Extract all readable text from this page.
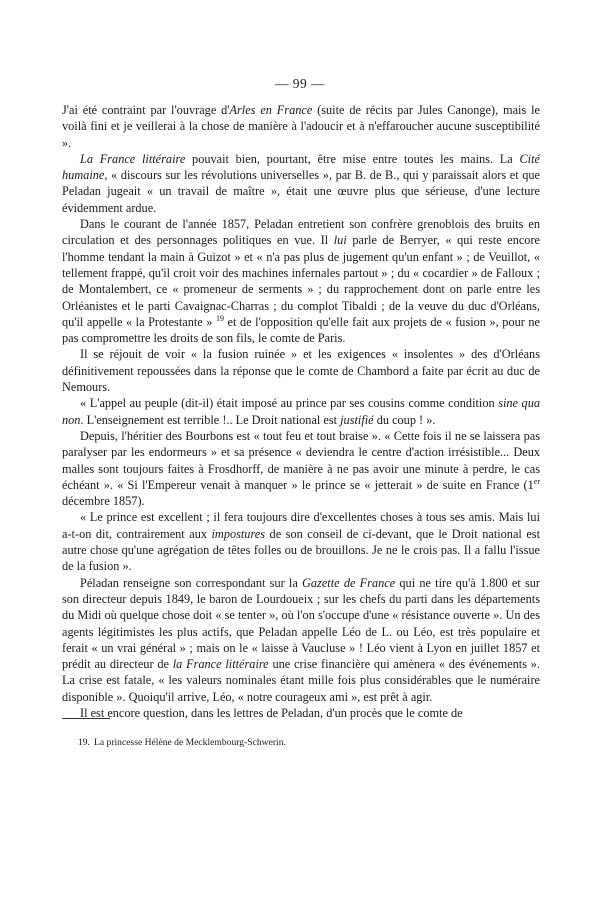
— 99 —

J'ai été contraint par l'ouvrage d'Arles en France (suite de récits par Jules Canonge), mais le voilà fini et je veillerai à la chose de manière à l'adoucir et à n'effaroucher aucune susceptibilité ».

La France littéraire pouvait bien, pourtant, être mise entre toutes les mains. La Cité humaine, « discours sur les révolutions universelles », par B. de B., qui y paraissait alors et que Peladan jugeait « un travail de maître », était une œuvre plus que sérieuse, d'une lecture évidemment ardue.

Dans le courant de l'année 1857, Peladan entretient son confrère grenoblois des bruits en circulation et des personnages politiques en vue. Il lui parle de Berryer, « qui reste encore l'homme tendant la main à Guizot » et « n'a pas plus de jugement qu'un enfant » ; de Veuillot, « tellement frappé, qu'il croit voir des machines infernales partout » ; du « cocardier » de Falloux ; de Montalembert, ce « promeneur de serments » ; du rapprochement dont on parle entre les Orléanistes et le parti Cavaignac-Charras ; du complot Tibaldi ; de la veuve du duc d'Orléans, qu'il appelle « la Protestante » $^{19}$ et de l'opposition qu'elle fait aux projets de « fusion », pour ne pas compromettre les droits de son fils, le comte de Paris.

Il se réjouit de voir « la fusion ruinée » et les exigences « insolentes » des d'Orléans définitivement repoussées dans la réponse que le comte de Chambord a faite par écrit au duc de Nemours.

« L'appel au peuple (dit-il) était imposé au prince par ses cousins comme condition sine qua non. L'enseignement est terrible !.. Le Droit national est justifié du coup ! ».

Depuis, l'héritier des Bourbons est « tout feu et tout braise ». « Cette fois il ne se laissera pas paralyser par les endormeurs » et sa présence « deviendra le centre d'action irrésistible... Deux malles sont toujours faites à Frosdhorff, de manière à ne pas avoir une minute à perdre, le cas échéant ». « Si l'Empereur venait à manquer » le prince se « jetterait » de suite en France (1er décembre 1857).

« Le prince est excellent ; il fera toujours dire d'excellentes choses à tous ses amis. Mais lui a-t-on dit, contrairement aux impostures de son conseil de ci-devant, que le Droit national est autre chose qu'une agrégation de têtes folles ou de brouillons. Je ne le crois pas. Il a fallu l'issue de la fusion ».

Péladan renseigne son correspondant sur la Gazette de France qui ne tire qu'à 1.800 et sur son directeur depuis 1849, le baron de Lourdoueix ; sur les chefs du parti dans les départements du Midi où quelque chose doit « se tenter », où l'on s'occupe d'une « résistance ouverte ». Un des agents légitimistes les plus actifs, que Peladan appelle Léo de L. ou Léo, est très populaire et ferait « un vrai général » ; mais on le « laisse à Vaucluse » ! Léo vient à Lyon en juillet 1857 et prédit au directeur de la France littéraire une crise financière qui amènera « des événements ». La crise est fatale, « les valeurs nominales étant mille fois plus considérables que le numéraire disponible ». Quoiqu'il arrive, Léo, « notre courageux ami », est prêt à agir.

Il est encore question, dans les lettres de Peladan, d'un procès que le comte de

19. La princesse Hélène de Mecklembourg-Schwerin.
